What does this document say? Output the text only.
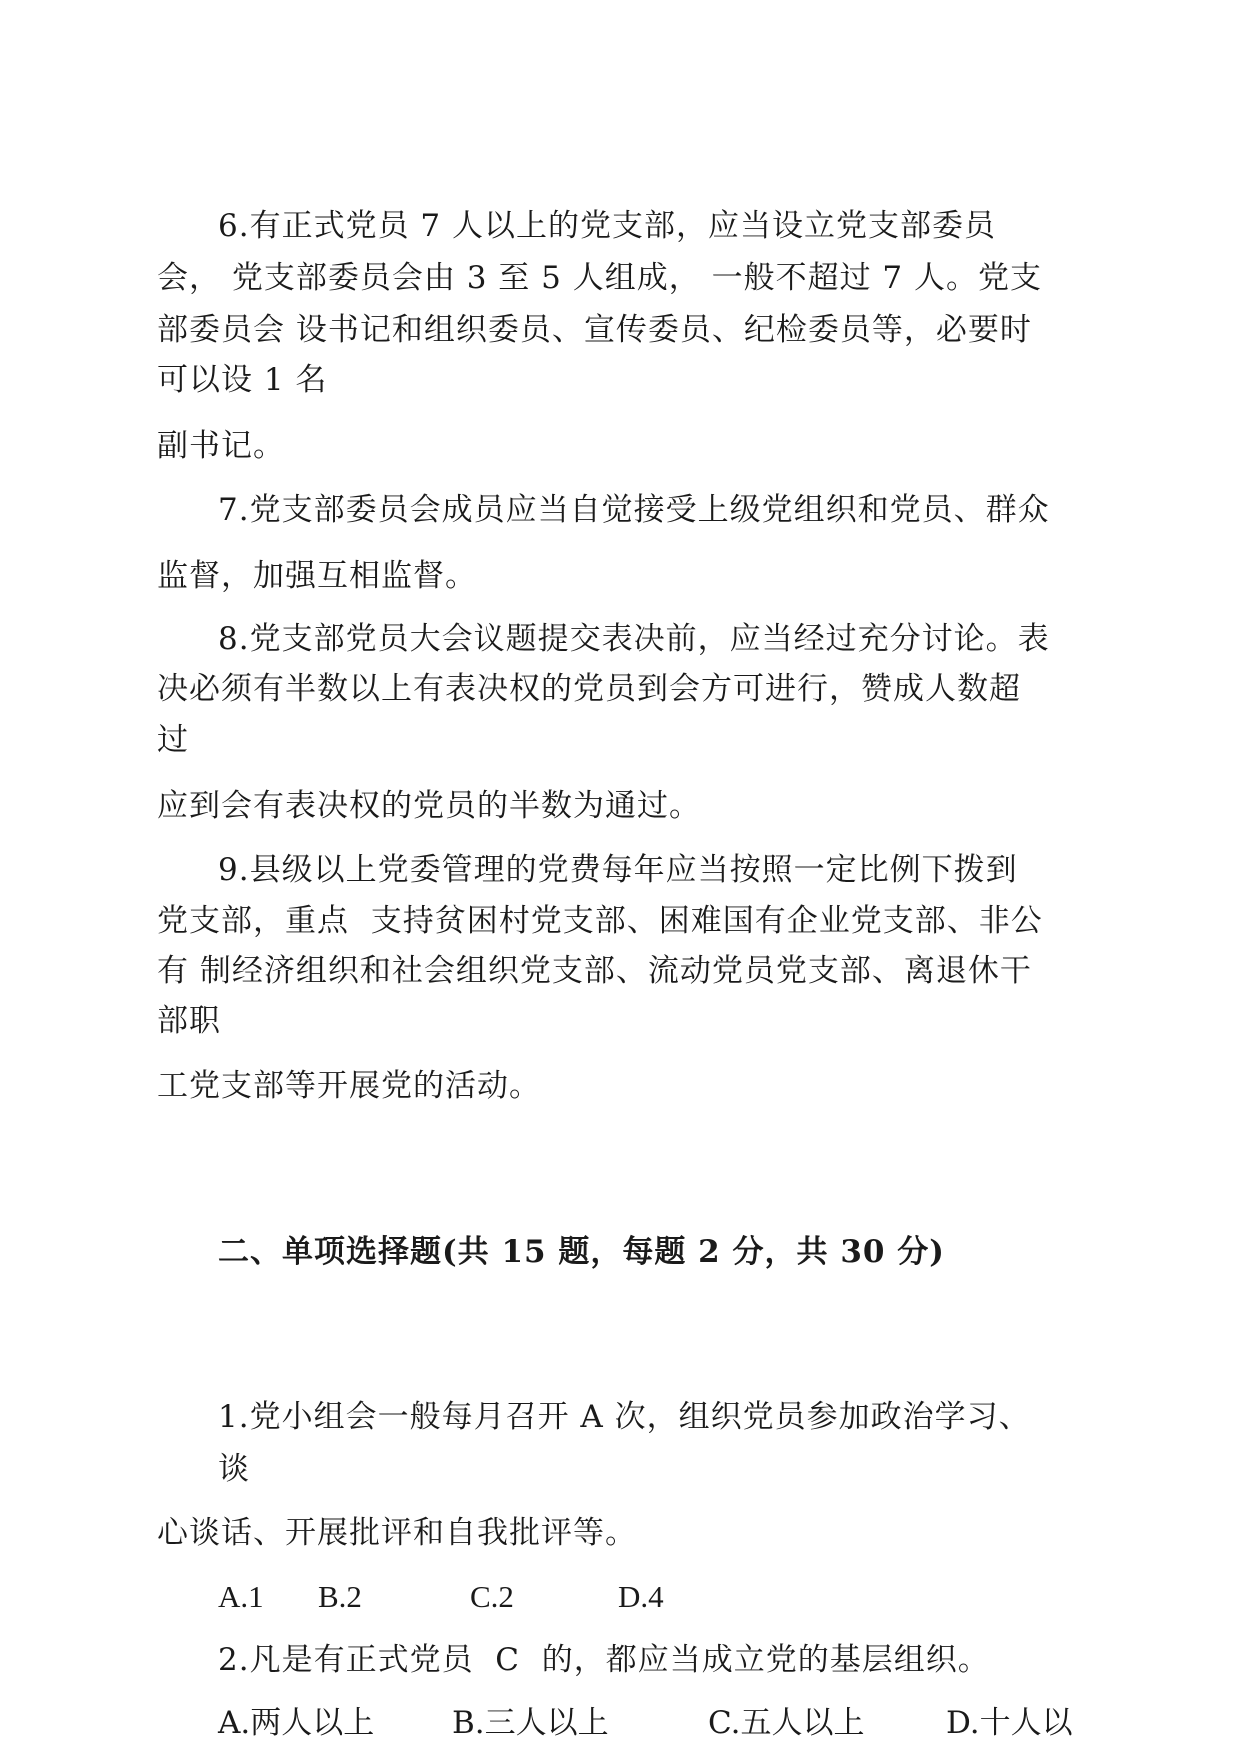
6.有正式党员 7 人以上的党支部，应当设立党支部委员
会， 党支部委员会由 3 至 5 人组成， 一般不超过 7 人。党支
部委员会 设书记和组织委员、宣传委员、纪检委员等，必要时
可以设 1 名
副书记。
7.党支部委员会成员应当自觉接受上级党组织和党员、群众
监督，加强互相监督。
8.党支部党员大会议题提交表决前，应当经过充分讨论。表
决必须有半数以上有表决权的党员到会方可进行，赞成人数超
过
应到会有表决权的党员的半数为通过。
9.县级以上党委管理的党费每年应当按照一定比例下拨到
党支部，重点  支持贫困村党支部、困难国有企业党支部、非公
有 制经济组织和社会组织党支部、流动党员党支部、离退休干
部职
工党支部等开展党的活动。
二、单项选择题(共 15 题，每题 2 分，共 30 分)
1.党小组会一般每月召开 A 次，组织党员参加政治学习、
谈
心谈话、开展批评和自我批评等。
A.1 B.2	C.2	D.4
2.凡是有正式党员  C  的，都应当成立党的基层组织。
A.两人以上	B.三人以上	C.五人以上	D.十人以
